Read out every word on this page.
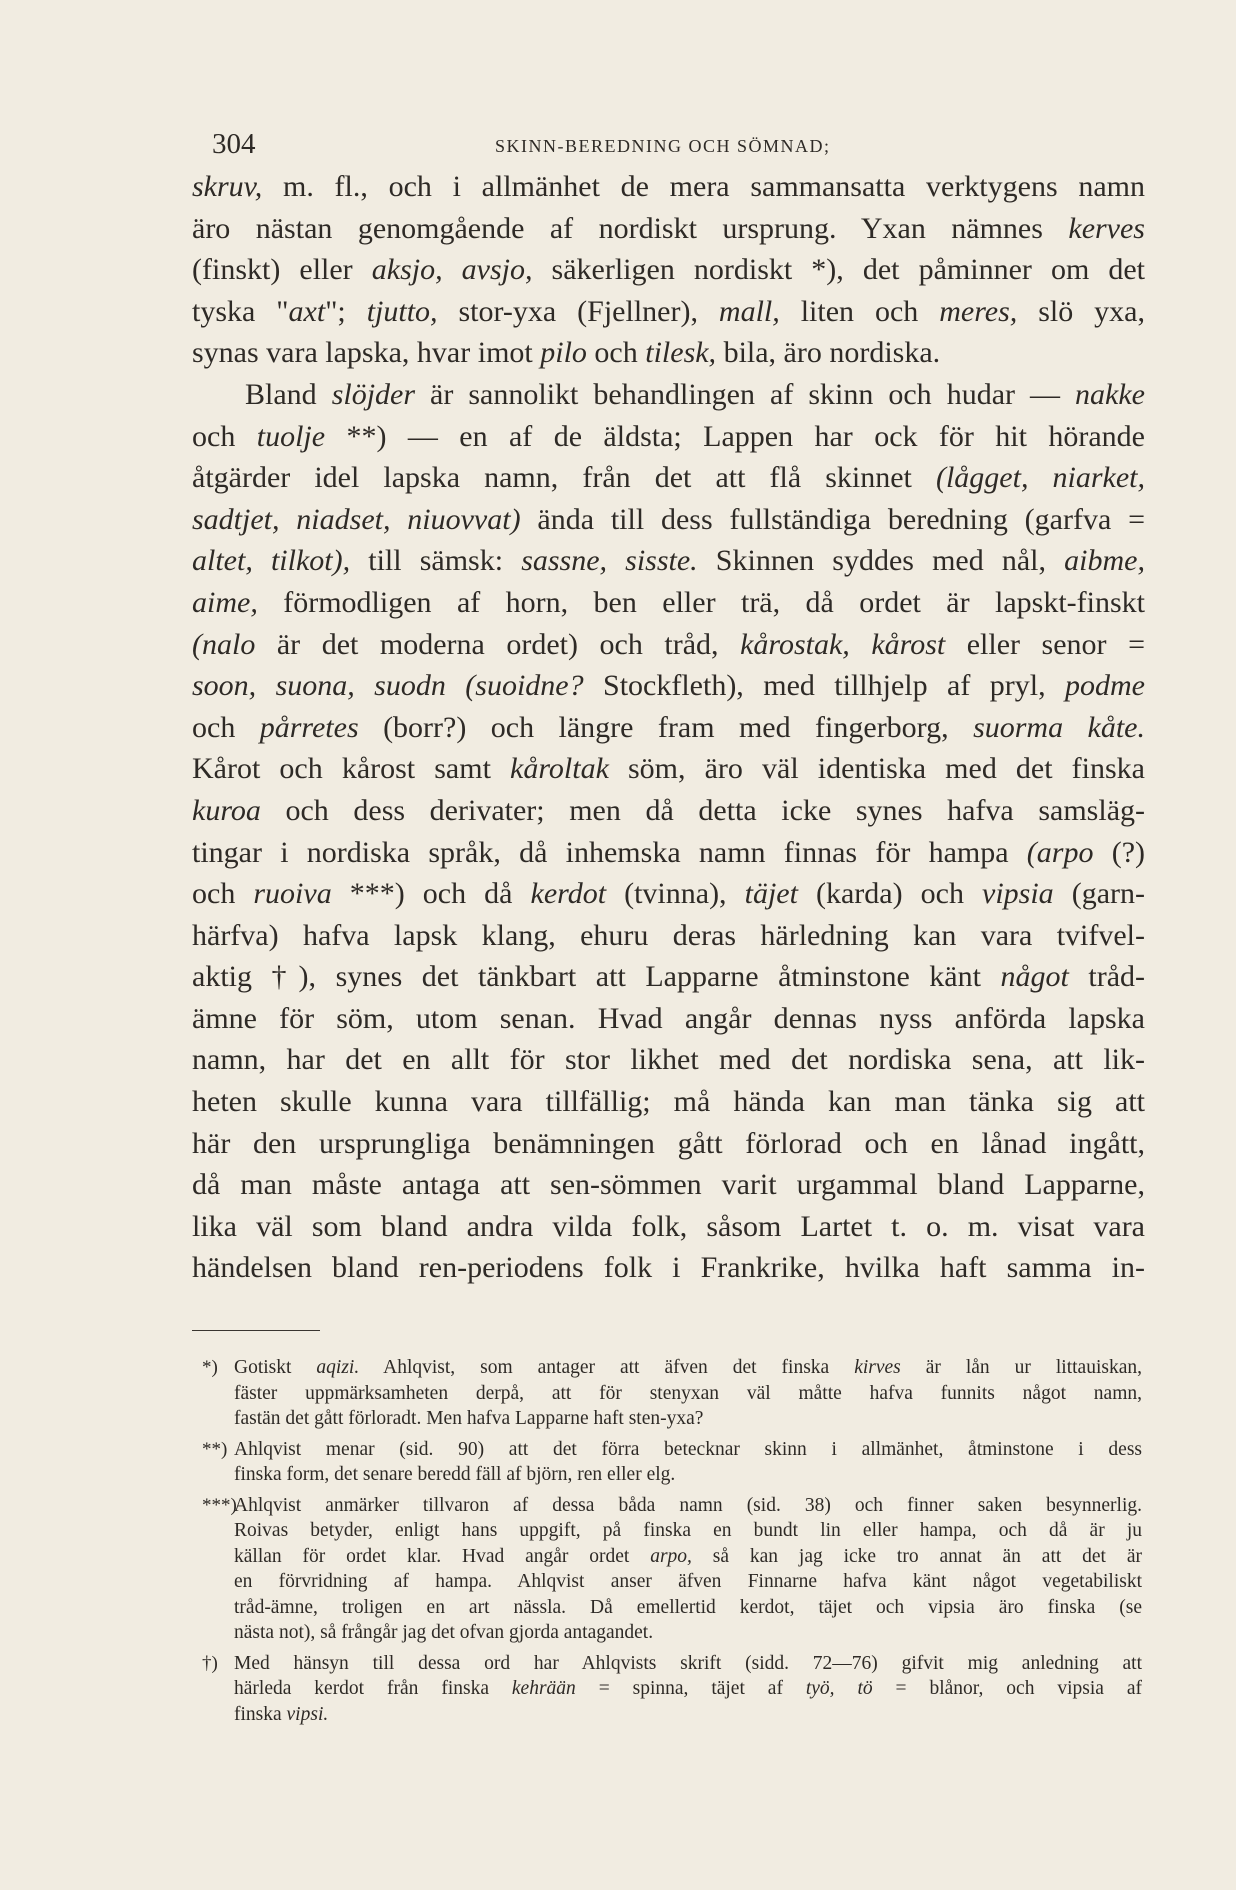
304	SKINN-BEREDNING OCH SÖMNAD;

skruv, m. fl., och i allmänhet de mera sammansatta verktygens namn

äro nästan genomgående af nordiskt ursprung. Yxan nämnes kerves

(finskt) eller aksjo, avsjo, säkerligen nordiskt *), det påminner om det

tyska "axt"; tjutto, stor-yxa (Fjellner), mall, liten och meres, slö yxa,

synas vara lapska, hvar imot pilo och tilesk, bila, äro nordiska.

Bland slöjder är sannolikt behandlingen af skinn och hudar — nakke

och tuolje **) — en af de äldsta; Lappen har ock för hit hörande

åtgärder idel lapska namn, från det att flå skinnet (lågget, niarket,

sadtjet, niadset, niuovvat) ända till dess fullständiga beredning (garfva =

altet, tilkot), till sämsk: sassne, sisste. Skinnen syddes med nål, aibme,

aime, förmodligen af horn, ben eller trä, då ordet är lapskt-finskt

(nalo är det moderna ordet) och tråd, kårostak, kårost eller senor =

soon, suona, suodn (suoidne? Stockfleth), med tillhjelp af pryl, podme

och pårretes (borr?) och längre fram med fingerborg, suorma kåte.

Kårot och kårost samt kåroltak söm, äro väl identiska med det finska

kuroa och dess derivater; men då detta icke synes hafva samsläg-

tingar i nordiska språk, då inhemska namn finnas för hampa (arpo (?)

och ruoiva ***) och då kerdot (tvinna), täjet (karda) och vipsia (garn-

härfva) hafva lapsk klang, ehuru deras härledning kan vara tvifvel-

aktig †), synes det tänkbart att Lapparne åtminstone känt något tråd-

ämne för söm, utom senan. Hvad angår dennas nyss anförda lapska

namn, har det en allt för stor likhet med det nordiska sena, att lik-

heten skulle kunna vara tillfällig; må hända kan man tänka sig att

här den ursprungliga benämningen gått förlorad och en lånad ingått,

då man måste antaga att sen-sömmen varit urgammal bland Lapparne,

lika väl som bland andra vilda folk, såsom Lartet t. o. m. visat vara

händelsen bland ren-periodens folk i Frankrike, hvilka haft samma in-

*) Gotiskt aqizi. Ahlqvist, som antager att äfven det finska kirves är lån ur littauiskan,

fäster uppmärksamheten derpå, att för stenyxan väl måtte hafva funnits något namn,

fastän det gått förloradt. Men hafva Lapparne haft sten-yxa?

**) Ahlqvist menar (sid. 90) att det förra betecknar skinn i allmänhet, åtminstone i dess

finska form, det senare beredd fäll af björn, ren eller elg.

***)

Ahlqvist anmärker tillvaron af dessa båda namn (sid. 38) och finner saken besynnerlig.

Roivas betyder, enligt hans uppgift, på finska en bundt lin eller hampa, och då är ju

källan för ordet klar. Hvad angår ordet arpo, så kan jag icke tro annat än att det är

en förvridning af hampa. Ahlqvist anser äfven Finnarne hafva känt något vegetabiliskt

tråd-ämne, troligen en art nässla. Då emellertid kerdot, täjet och vipsia äro finska (se

nästa not), så frångår jag det ofvan gjorda antagandet.

†) Med hänsyn till dessa ord har Ahlqvists skrift (sidd. 72—76) gifvit mig anledning att

härleda kerdot från finska kehrään = spinna, täjet af työ, tö = blånor, och vipsia af

finska vipsi.
